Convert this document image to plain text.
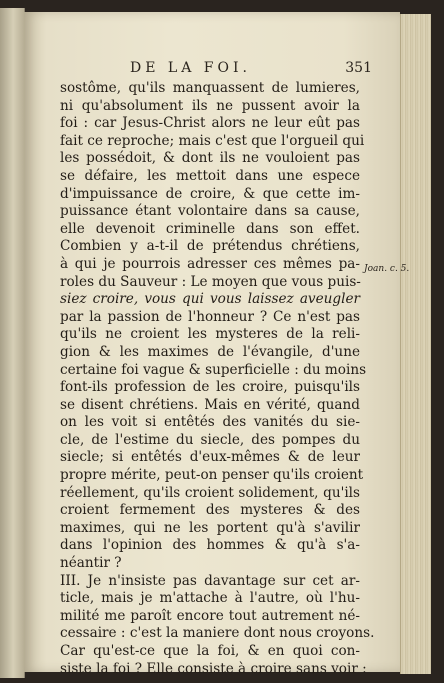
DE LA FOI.	351
sostôme, qu'ils manquassent de lumieres,
ni qu'absolument ils ne pussent avoir la
foi : car Jesus-Christ alors ne leur eût pas
fait ce reproche; mais c'est que l'orgueil qui
les possédoit, & dont ils ne vouloient pas
se défaire, les mettoit dans une espece
d'impuissance de croire, & que cette im-
puissance étant volontaire dans sa cause,
elle devenoit criminelle dans son effet.
Combien y a-t-il de prétendus chrétiens,
à qui je pourrois adresser ces mêmes pa-
roles du Sauveur : Le moyen que vous puis-
siez croire, vous qui vous laissez aveugler
par la passion de l'honneur ? Ce n'est pas
qu'ils ne croient les mysteres de la reli-
gion & les maximes de l'évangile, d'une
certaine foi vague & superficielle : du moins
font-ils profession de les croire, puisqu'ils
se disent chrétiens. Mais en vérité, quand
on les voit si entêtés des vanités du sie-
cle, de l'estime du siecle, des pompes du
siecle; si entêtés d'eux-mêmes & de leur
propre mérite, peut-on penser qu'ils croient
réellement, qu'ils croient solidement, qu'ils
croient fermement des mysteres & des
maximes, qui ne les portent qu'à s'avilir
dans l'opinion des hommes & qu'à s'a-
néantir ?
III. Je n'insiste pas davantage sur cet ar-
ticle, mais je m'attache à l'autre, où l'hu-
milité me paroît encore tout autrement né-
cessaire : c'est la maniere dont nous croyons.
Car qu'est-ce que la foi, & en quoi con-
siste la foi ? Elle consiste à croire sans voir :
Joan. c. 5.
